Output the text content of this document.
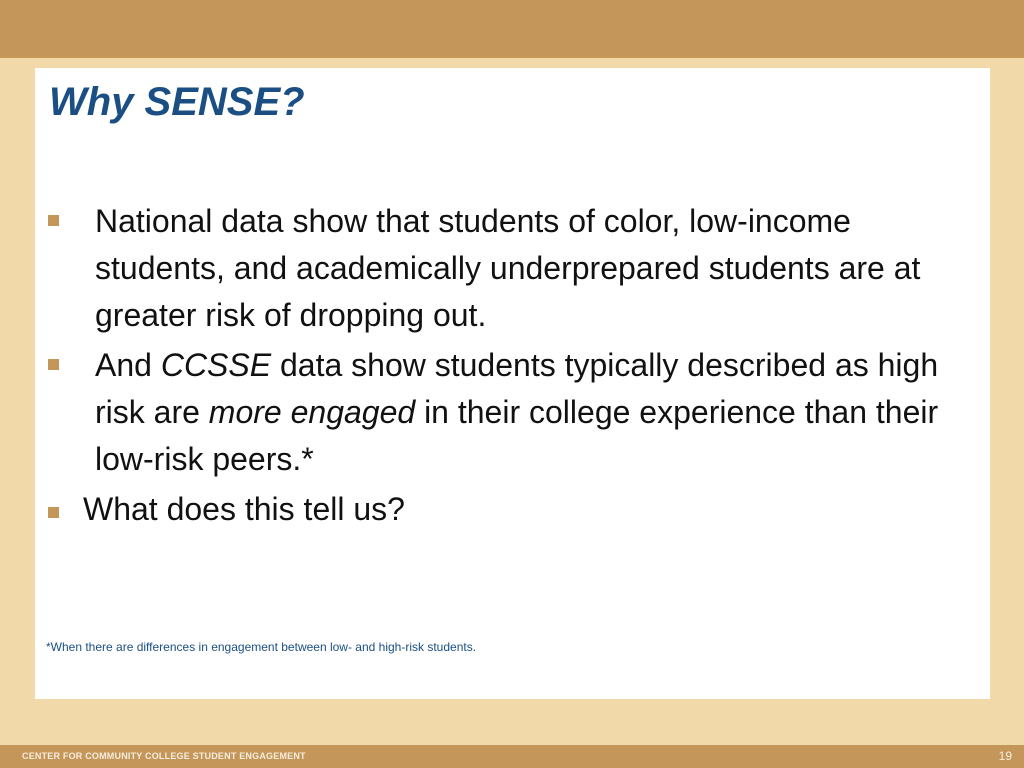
Why SENSE?
National data show that students of color, low-income students, and academically underprepared students are at greater risk of dropping out.
And CCSSE data show students typically described as high risk are more engaged in their college experience than their low-risk peers.*
What does this tell us?
*When there are differences in engagement between low- and high-risk students.
CENTER FOR COMMUNITY COLLEGE STUDENT ENGAGEMENT	19
